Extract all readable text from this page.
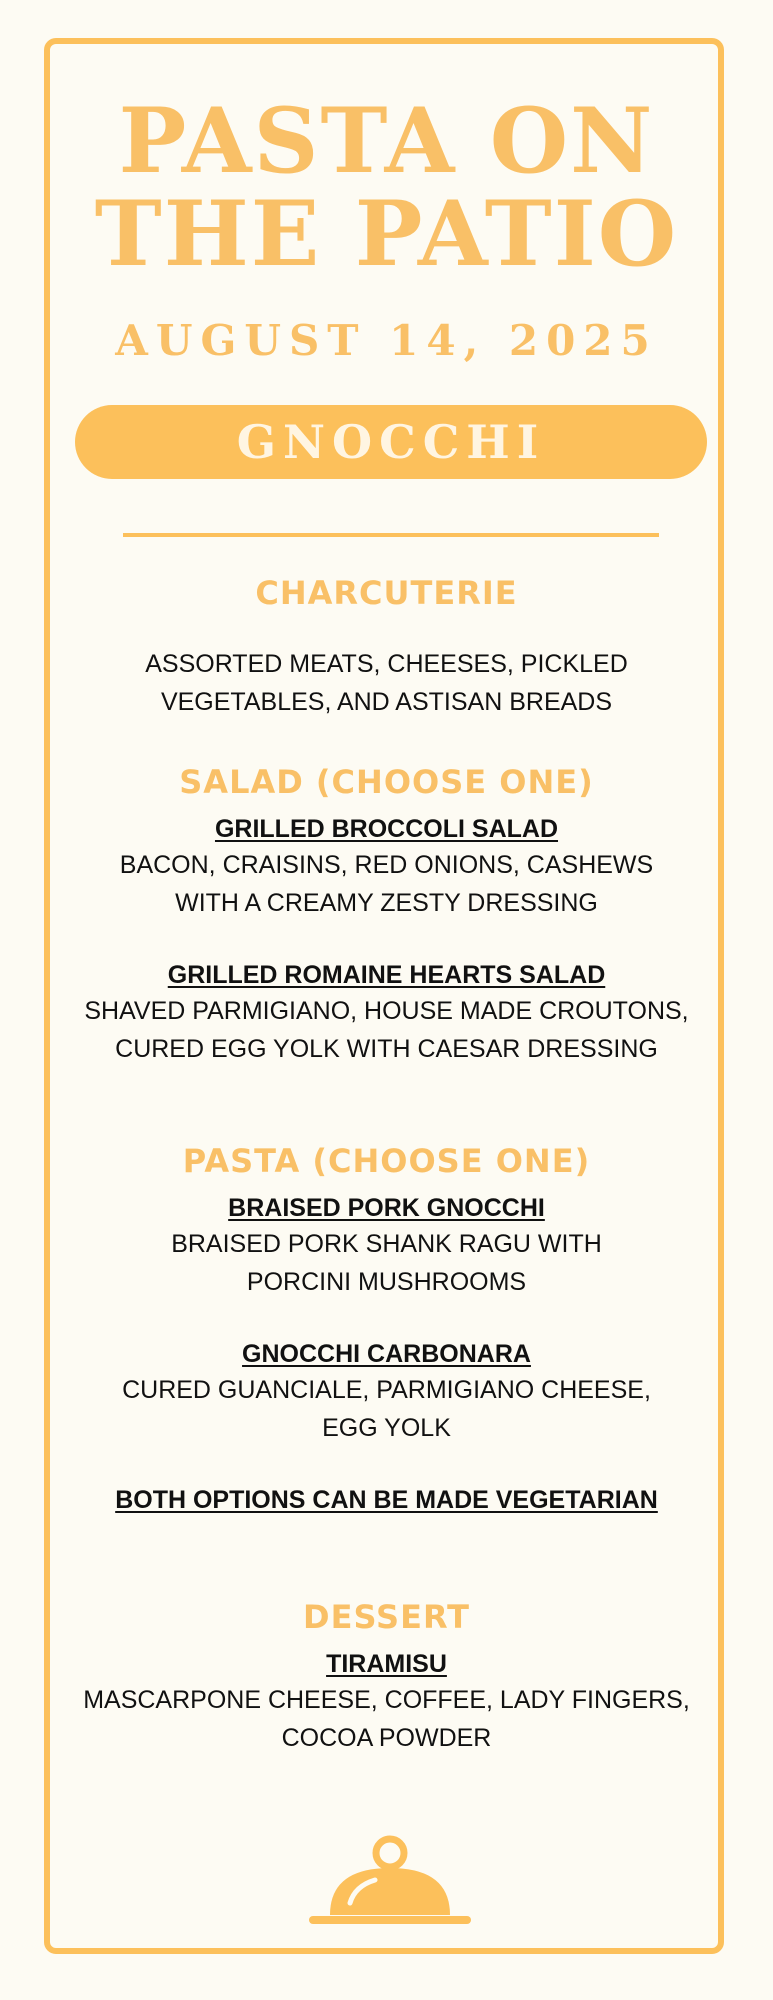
PASTA ON
THE PATIO
AUGUST 14, 2025
GNOCCHI
CHARCUTERIE
ASSORTED MEATS, CHEESES, PICKLED
VEGETABLES, AND ASTISAN BREADS
SALAD (CHOOSE ONE)
GRILLED BROCCOLI SALAD
BACON, CRAISINS, RED ONIONS, CASHEWS
WITH A CREAMY ZESTY DRESSING
GRILLED ROMAINE HEARTS SALAD
SHAVED PARMIGIANO, HOUSE MADE CROUTONS,
CURED EGG YOLK WITH CAESAR DRESSING
PASTA (CHOOSE ONE)
BRAISED PORK GNOCCHI
BRAISED PORK SHANK RAGU WITH
PORCINI MUSHROOMS
GNOCCHI CARBONARA
CURED GUANCIALE, PARMIGIANO CHEESE,
EGG YOLK
BOTH OPTIONS CAN BE MADE VEGETARIAN
DESSERT
TIRAMISU
MASCARPONE CHEESE, COFFEE, LADY FINGERS,
COCOA POWDER
